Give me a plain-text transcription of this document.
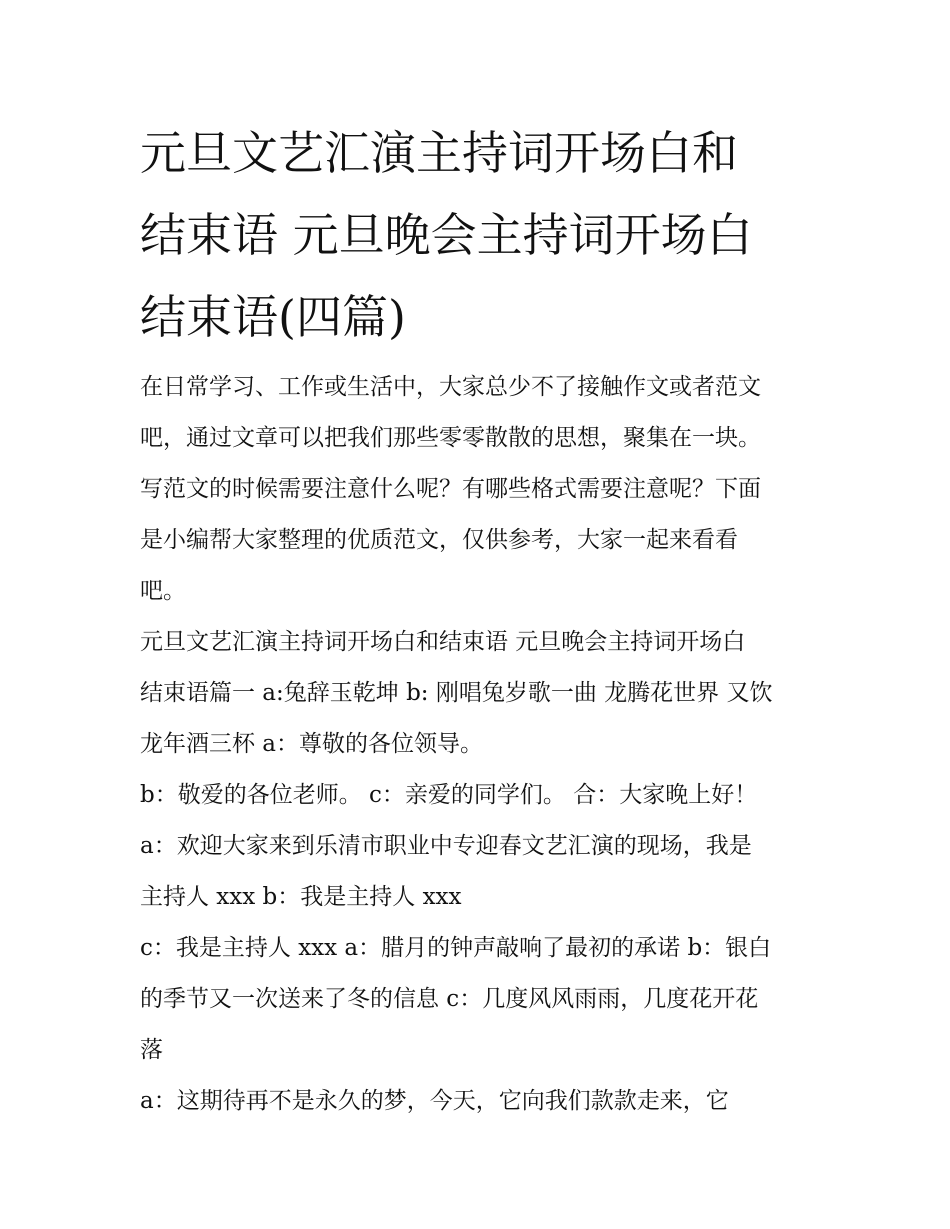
元旦文艺汇演主持词开场白和
结束语 元旦晚会主持词开场白
结束语(四篇)
在日常学习、工作或生活中，大家总少不了接触作文或者范文
吧，通过文章可以把我们那些零零散散的思想，聚集在一块。
写范文的时候需要注意什么呢？有哪些格式需要注意呢？下面
是小编帮大家整理的优质范文，仅供参考，大家一起来看看
吧。
元旦文艺汇演主持词开场白和结束语 元旦晚会主持词开场白
结束语篇一 a:兔辞玉乾坤 b: 刚唱兔岁歌一曲 龙腾花世界 又饮
龙年酒三杯 a：尊敬的各位领导。
b：敬爱的各位老师。 c：亲爱的同学们。 合：大家晚上好！
a：欢迎大家来到乐清市职业中专迎春文艺汇演的现场，我是
主持人 xxx b：我是主持人 xxx
c：我是主持人 xxx a：腊月的钟声敲响了最初的承诺 b：银白
的季节又一次送来了冬的信息 c：几度风风雨雨，几度花开花
落
a：这期待再不是永久的梦，今天，它向我们款款走来，它
